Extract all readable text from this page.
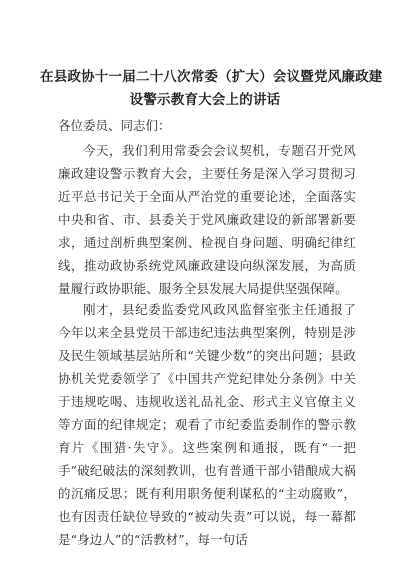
在县政协十一届二十八次常委（扩大）会议暨党风廉政建
设警示教育大会上的讲话
各位委员、同志们：

今天，我们利用常委会会议契机，专题召开党风廉政建设警示教育大会，主要任务是深入学习贯彻习近平总书记关于全面从严治党的重要论述，全面落实中央和省、市、县委关于党风廉政建设的新部署新要求，通过剖析典型案例、检视自身问题、明确纪律红线，推动政协系统党风廉政建设向纵深发展，为高质量履行政协职能、服务全县发展大局提供坚强保障。

刚才，县纪委监委党风政风监督室张主任通报了今年以来全县党员干部违纪违法典型案例，特别是涉及民生领域基层站所和“关键少数”的突出问题；县政协机关党委领学了《中国共产党纪律处分条例》中关于违规吃喝、违规收送礼品礼金、形式主义官僚主义等方面的纪律规定；观看了市纪委监委制作的警示教育片《围猎·失守》。这些案例和通报，既有“一把手”破纪破法的深刻教训，也有普通干部小错酿成大祸的沉痛反思；既有利用职务便利谋私的“主动腐败”，也有因责任缺位导致的“被动失责”可以说，每一幕都是“身边人”的“活教材”，每一句话
